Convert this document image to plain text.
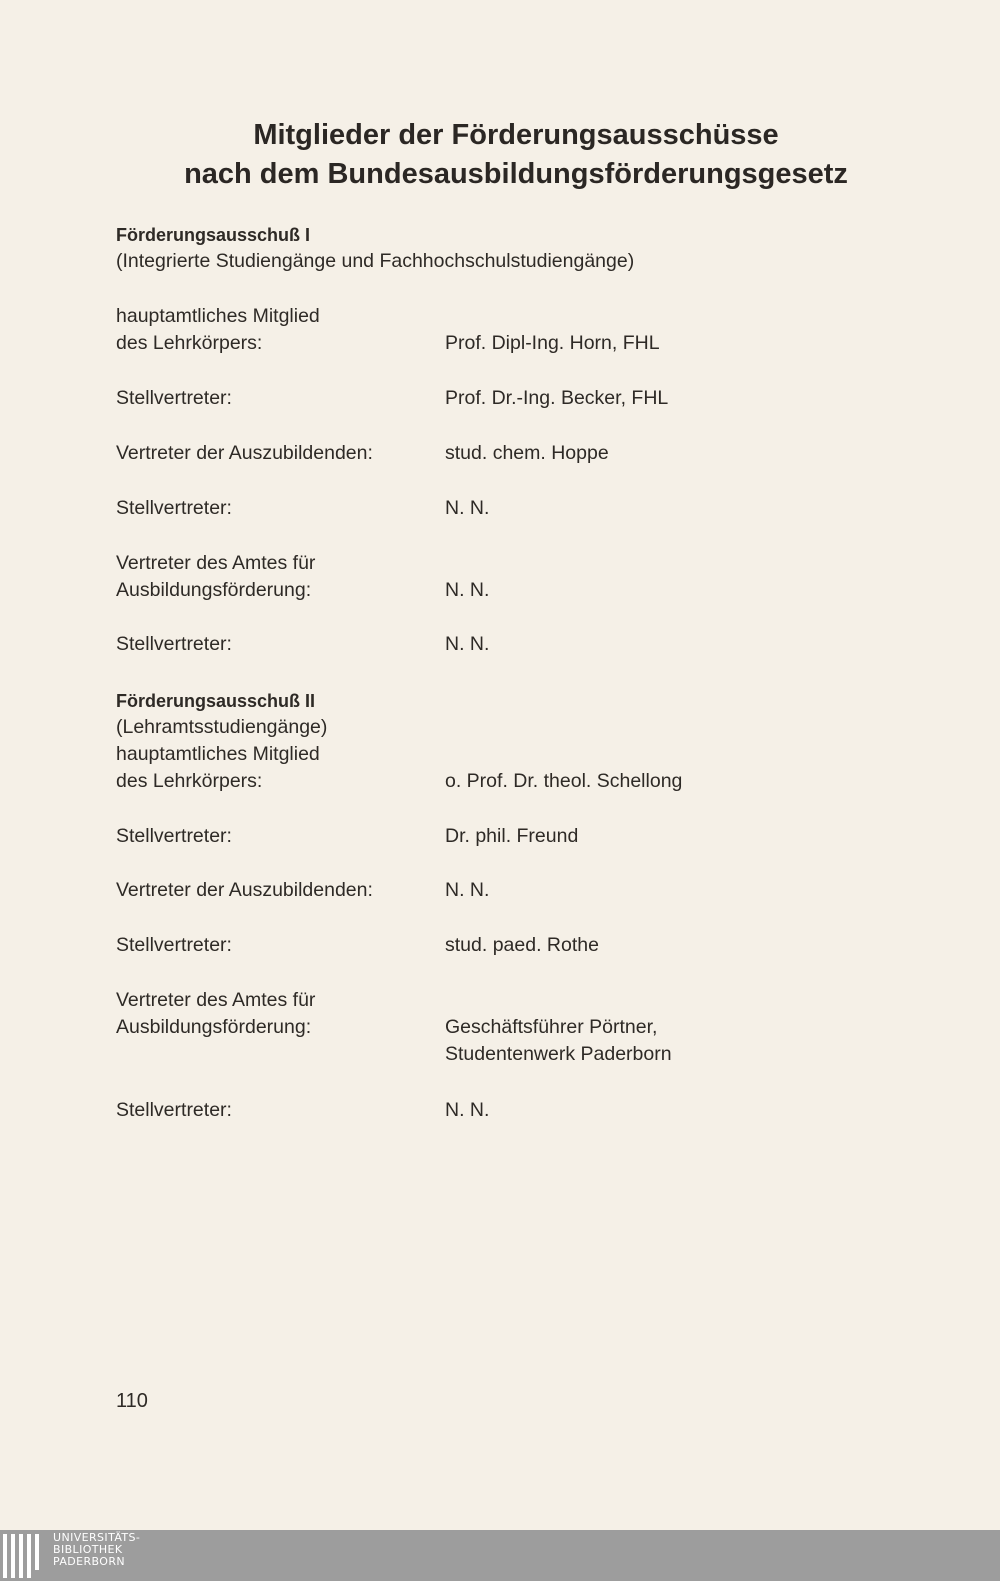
Mitglieder der Förderungsausschüsse
nach dem Bundesausbildungsförderungsgesetz
Förderungsausschuß I
(Integrierte Studiengänge und Fachhochschulstudiengänge)
hauptamtliches Mitglied
des Lehrkörpers:	Prof. Dipl-Ing. Horn, FHL
Stellvertreter:	Prof. Dr.-Ing. Becker, FHL
Vertreter der Auszubildenden:	stud. chem. Hoppe
Stellvertreter:	N. N.
Vertreter des Amtes für
Ausbildungsförderung:	N. N.
Stellvertreter:	N. N.
Förderungsausschuß II
(Lehramtsstudiengänge)
hauptamtliches Mitglied
des Lehrkörpers:	o. Prof. Dr. theol. Schellong
Stellvertreter:	Dr. phil. Freund
Vertreter der Auszubildenden:	N. N.
Stellvertreter:	stud. paed. Rothe
Vertreter des Amtes für
Ausbildungsförderung:	Geschäftsführer Pörtner,
Studentenwerk Paderborn
Stellvertreter:	N. N.
110
UNIVERSITÄTS-
BIBLIOTHEK
PADERBORN
